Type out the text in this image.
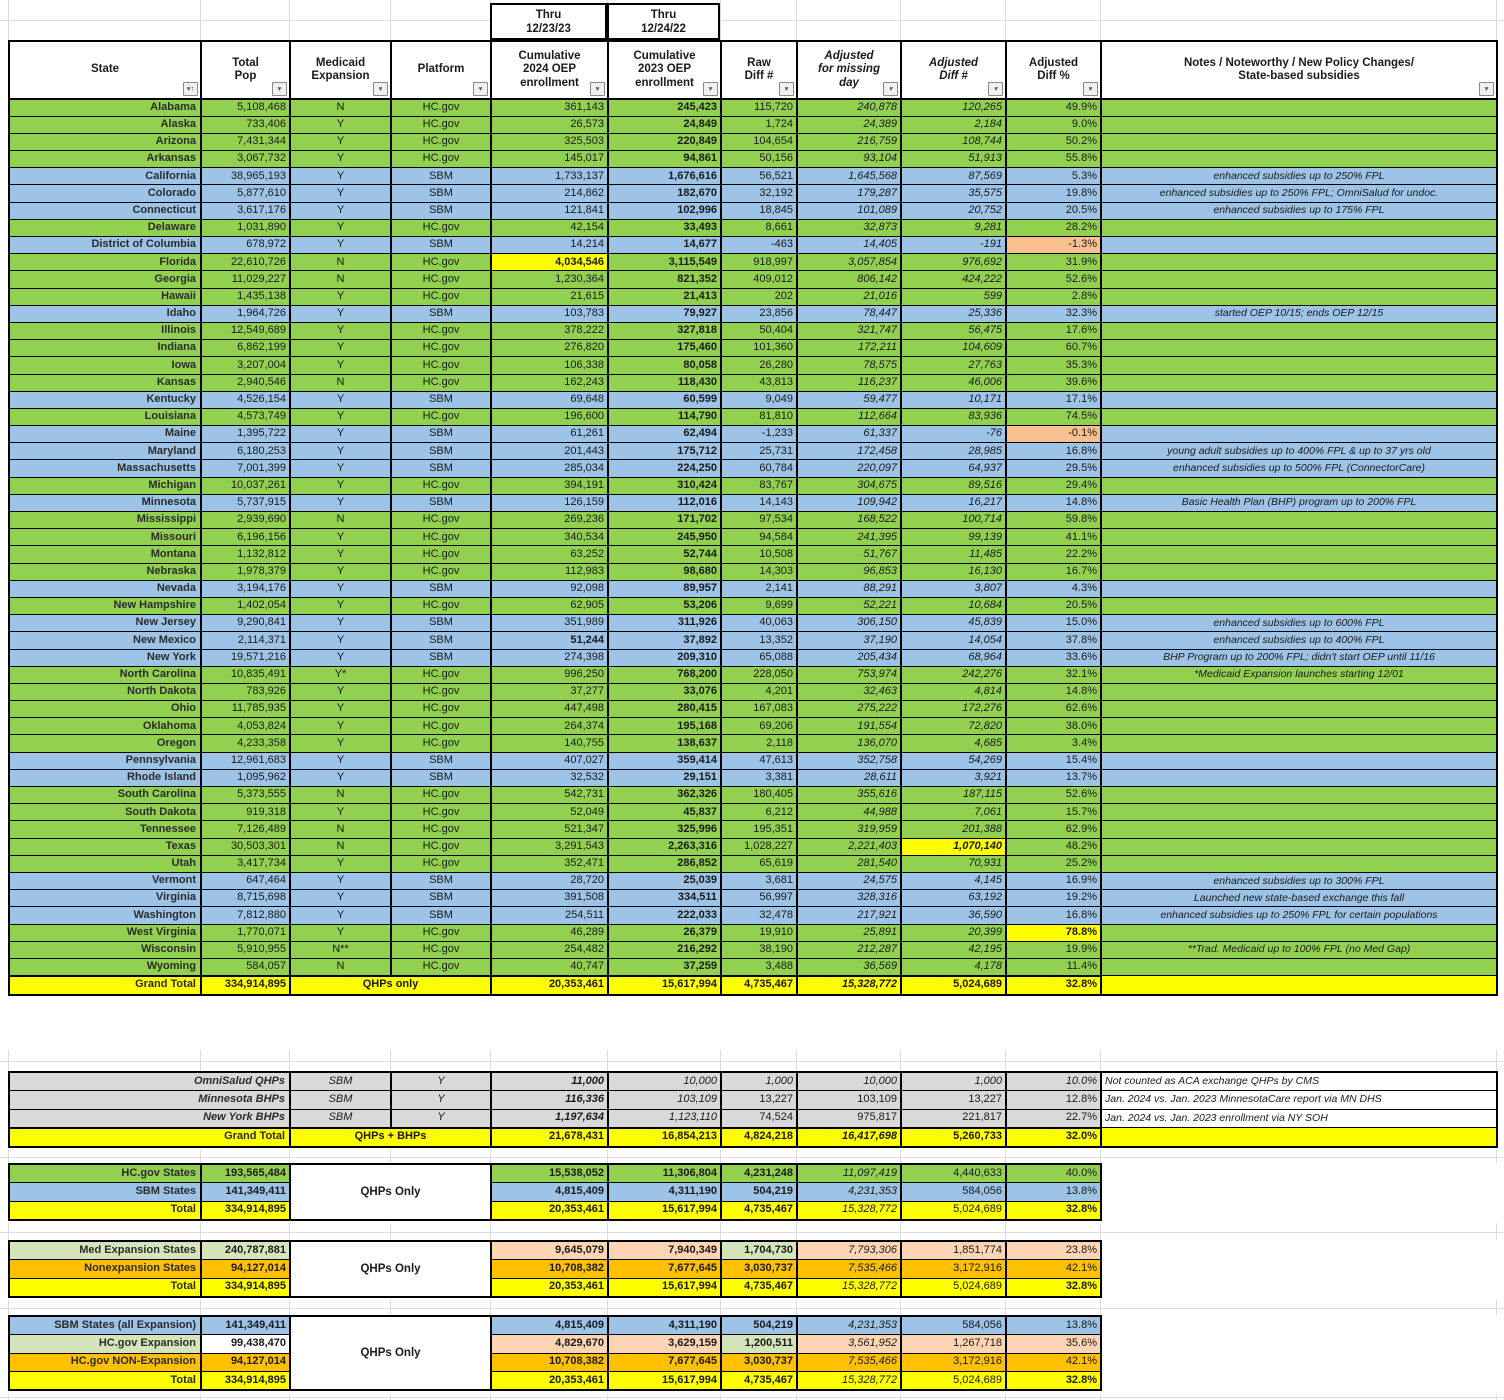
Thru
12/23/23
Thru
12/24/22
State
▾↑

Total
Pop
▾

Medicaid
Expansion
▾

Platform
▾

Cumulative
2024 OEP
enrollment	▾

Cumulative
2023 OEP
enrollment	▾

Raw
Diff #
▾

Adjusted
for missing
day	▾

Adjusted
Diff #
▾

Adjusted
Diff %
▾

Notes / Noteworthy / New Policy Changes/
State-based subsidies
▾

Alabama	5,108,468	N	HC.gov	361,143	245,423	115,720	240,878	120,265	49.9%	
Alaska	733,406	Y	HC.gov	26,573	24,849	1,724	24,389	2,184	9.0%	
Arizona	7,431,344	Y	HC.gov	325,503	220,849	104,654	216,759	108,744	50.2%	
Arkansas	3,067,732	Y	HC.gov	145,017	94,861	50,156	93,104	51,913	55.8%	
California	38,965,193	Y	SBM	1,733,137	1,676,616	56,521	1,645,568	87,569	5.3%	enhanced subsidies up to 250% FPL
Colorado	5,877,610	Y	SBM	214,862	182,670	32,192	179,287	35,575	19.8%	enhanced subsidies up to 250% FPL; OmniSalud for undoc.
Connecticut	3,617,176	Y	SBM	121,841	102,996	18,845	101,089	20,752	20.5%	enhanced subsidies up to 175% FPL
Delaware	1,031,890	Y	HC.gov	42,154	33,493	8,661	32,873	9,281	28.2%	
District of Columbia	678,972	Y	SBM	14,214	14,677	-463	14,405	-191	-1.3%	
Florida	22,610,726	N	HC.gov	4,034,546	3,115,549	918,997	3,057,854	976,692	31.9%	
Georgia	11,029,227	N	HC.gov	1,230,364	821,352	409,012	806,142	424,222	52.6%	
Hawaii	1,435,138	Y	HC.gov	21,615	21,413	202	21,016	599	2.8%	
Idaho	1,964,726	Y	SBM	103,783	79,927	23,856	78,447	25,336	32.3%	started OEP 10/15; ends OEP 12/15
Illinois	12,549,689	Y	HC.gov	378,222	327,818	50,404	321,747	56,475	17.6%	
Indiana	6,862,199	Y	HC.gov	276,820	175,460	101,360	172,211	104,609	60.7%	
Iowa	3,207,004	Y	HC.gov	106,338	80,058	26,280	78,575	27,763	35.3%	
Kansas	2,940,546	N	HC.gov	162,243	118,430	43,813	116,237	46,006	39.6%	
Kentucky	4,526,154	Y	SBM	69,648	60,599	9,049	59,477	10,171	17.1%	
Louisiana	4,573,749	Y	HC.gov	196,600	114,790	81,810	112,664	83,936	74.5%	
Maine	1,395,722	Y	SBM	61,261	62,494	-1,233	61,337	-76	-0.1%	
Maryland	6,180,253	Y	SBM	201,443	175,712	25,731	172,458	28,985	16.8%	young adult subsidies up to 400% FPL & up to 37 yrs old
Massachusetts	7,001,399	Y	SBM	285,034	224,250	60,784	220,097	64,937	29.5%	enhanced subsidies up to 500% FPL (ConnectorCare)
Michigan	10,037,261	Y	HC.gov	394,191	310,424	83,767	304,675	89,516	29.4%	
Minnesota	5,737,915	Y	SBM	126,159	112,016	14,143	109,942	16,217	14.8%	Basic Health Plan (BHP) program up to 200% FPL
Mississippi	2,939,690	N	HC.gov	269,236	171,702	97,534	168,522	100,714	59.8%	
Missouri	6,196,156	Y	HC.gov	340,534	245,950	94,584	241,395	99,139	41.1%	
Montana	1,132,812	Y	HC.gov	63,252	52,744	10,508	51,767	11,485	22.2%	
Nebraska	1,978,379	Y	HC.gov	112,983	98,680	14,303	96,853	16,130	16.7%	
Nevada	3,194,176	Y	SBM	92,098	89,957	2,141	88,291	3,807	4.3%	
New Hampshire	1,402,054	Y	HC.gov	62,905	53,206	9,699	52,221	10,684	20.5%	
New Jersey	9,290,841	Y	SBM	351,989	311,926	40,063	306,150	45,839	15.0%	enhanced subsidies up to 600% FPL
New Mexico	2,114,371	Y	SBM	51,244	37,892	13,352	37,190	14,054	37.8%	enhanced subsidies up to 400% FPL
New York	19,571,216	Y	SBM	274,398	209,310	65,088	205,434	68,964	33.6%	BHP Program up to 200% FPL; didn't start OEP until 11/16
North Carolina	10,835,491	Y*	HC.gov	996,250	768,200	228,050	753,974	242,276	32.1%	*Medicaid Expansion launches starting 12/01
North Dakota	783,926	Y	HC.gov	37,277	33,076	4,201	32,463	4,814	14.8%	
Ohio	11,785,935	Y	HC.gov	447,498	280,415	167,083	275,222	172,276	62.6%	
Oklahoma	4,053,824	Y	HC.gov	264,374	195,168	69,206	191,554	72,820	38.0%	
Oregon	4,233,358	Y	HC.gov	140,755	138,637	2,118	136,070	4,685	3.4%	
Pennsylvania	12,961,683	Y	SBM	407,027	359,414	47,613	352,758	54,269	15.4%	
Rhode Island	1,095,962	Y	SBM	32,532	29,151	3,381	28,611	3,921	13.7%	
South Carolina	5,373,555	N	HC.gov	542,731	362,326	180,405	355,616	187,115	52.6%	
South Dakota	919,318	Y	HC.gov	52,049	45,837	6,212	44,988	7,061	15.7%	
Tennessee	7,126,489	N	HC.gov	521,347	325,996	195,351	319,959	201,388	62.9%	
Texas	30,503,301	N	HC.gov	3,291,543	2,263,316	1,028,227	2,221,403	1,070,140	48.2%	
Utah	3,417,734	Y	HC.gov	352,471	286,852	65,619	281,540	70,931	25.2%	
Vermont	647,464	Y	SBM	28,720	25,039	3,681	24,575	4,145	16.9%	enhanced subsidies up to 300% FPL
Virginia	8,715,698	Y	SBM	391,508	334,511	56,997	328,316	63,192	19.2%	Launched new state-based exchange this fall
Washington	7,812,880	Y	SBM	254,511	222,033	32,478	217,921	36,590	16.8%	enhanced subsidies up to 250% FPL for certain populations
West Virginia	1,770,071	Y	HC.gov	46,289	26,379	19,910	25,891	20,399	78.8%	
Wisconsin	5,910,955	N**	HC.gov	254,482	216,292	38,190	212,287	42,195	19.9%	**Trad. Medicaid up to 100% FPL (no Med Gap)
Wyoming	584,057	N	HC.gov	40,747	37,259	3,488	36,569	4,178	11.4%	
Grand Total	334,914,895	QHPs only		20,353,461	15,617,994	4,735,467	15,328,772	5,024,689	32.8%	
OmniSalud QHPs	SBM	Y	11,000	10,000	1,000	10,000	1,000	10.0%	Not counted as ACA exchange QHPs by CMS
Minnesota BHPs	SBM	Y	116,336	103,109	13,227	103,109	13,227	12.8%	Jan. 2024 vs. Jan. 2023 MinnesotaCare report via MN DHS
New York BHPs	SBM	Y	1,197,634	1,123,110	74,524	975,817	221,817	22.7%	Jan. 2024 vs. Jan. 2023 enrollment via NY SOH
Grand Total	QHPs + BHPs		21,678,431	16,854,213	4,824,218	16,417,698	5,260,733	32.0%	
HC.gov States	193,565,484	QHPs Only	15,538,052	11,306,804	4,231,248	11,097,419	4,440,633	40.0%
SBM States	141,349,411		4,815,409	4,311,190	504,219	4,231,353	584,056	13.8%
Total	334,914,895		20,353,461	15,617,994	4,735,467	15,328,772	5,024,689	32.8%
Med Expansion States	240,787,881	QHPs Only	9,645,079	7,940,349	1,704,730	7,793,306	1,851,774	23.8%
Nonexpansion States	94,127,014		10,708,382	7,677,645	3,030,737	7,535,466	3,172,916	42.1%
Total	334,914,895		20,353,461	15,617,994	4,735,467	15,328,772	5,024,689	32.8%
SBM States (all Expansion)	141,349,411	QHPs Only	4,815,409	4,311,190	504,219	4,231,353	584,056	13.8%
HC.gov Expansion	99,438,470		4,829,670	3,629,159	1,200,511	3,561,952	1,267,718	35.6%
HC.gov NON-Expansion	94,127,014		10,708,382	7,677,645	3,030,737	7,535,466	3,172,916	42.1%
Total	334,914,895		20,353,461	15,617,994	4,735,467	15,328,772	5,024,689	32.8%
